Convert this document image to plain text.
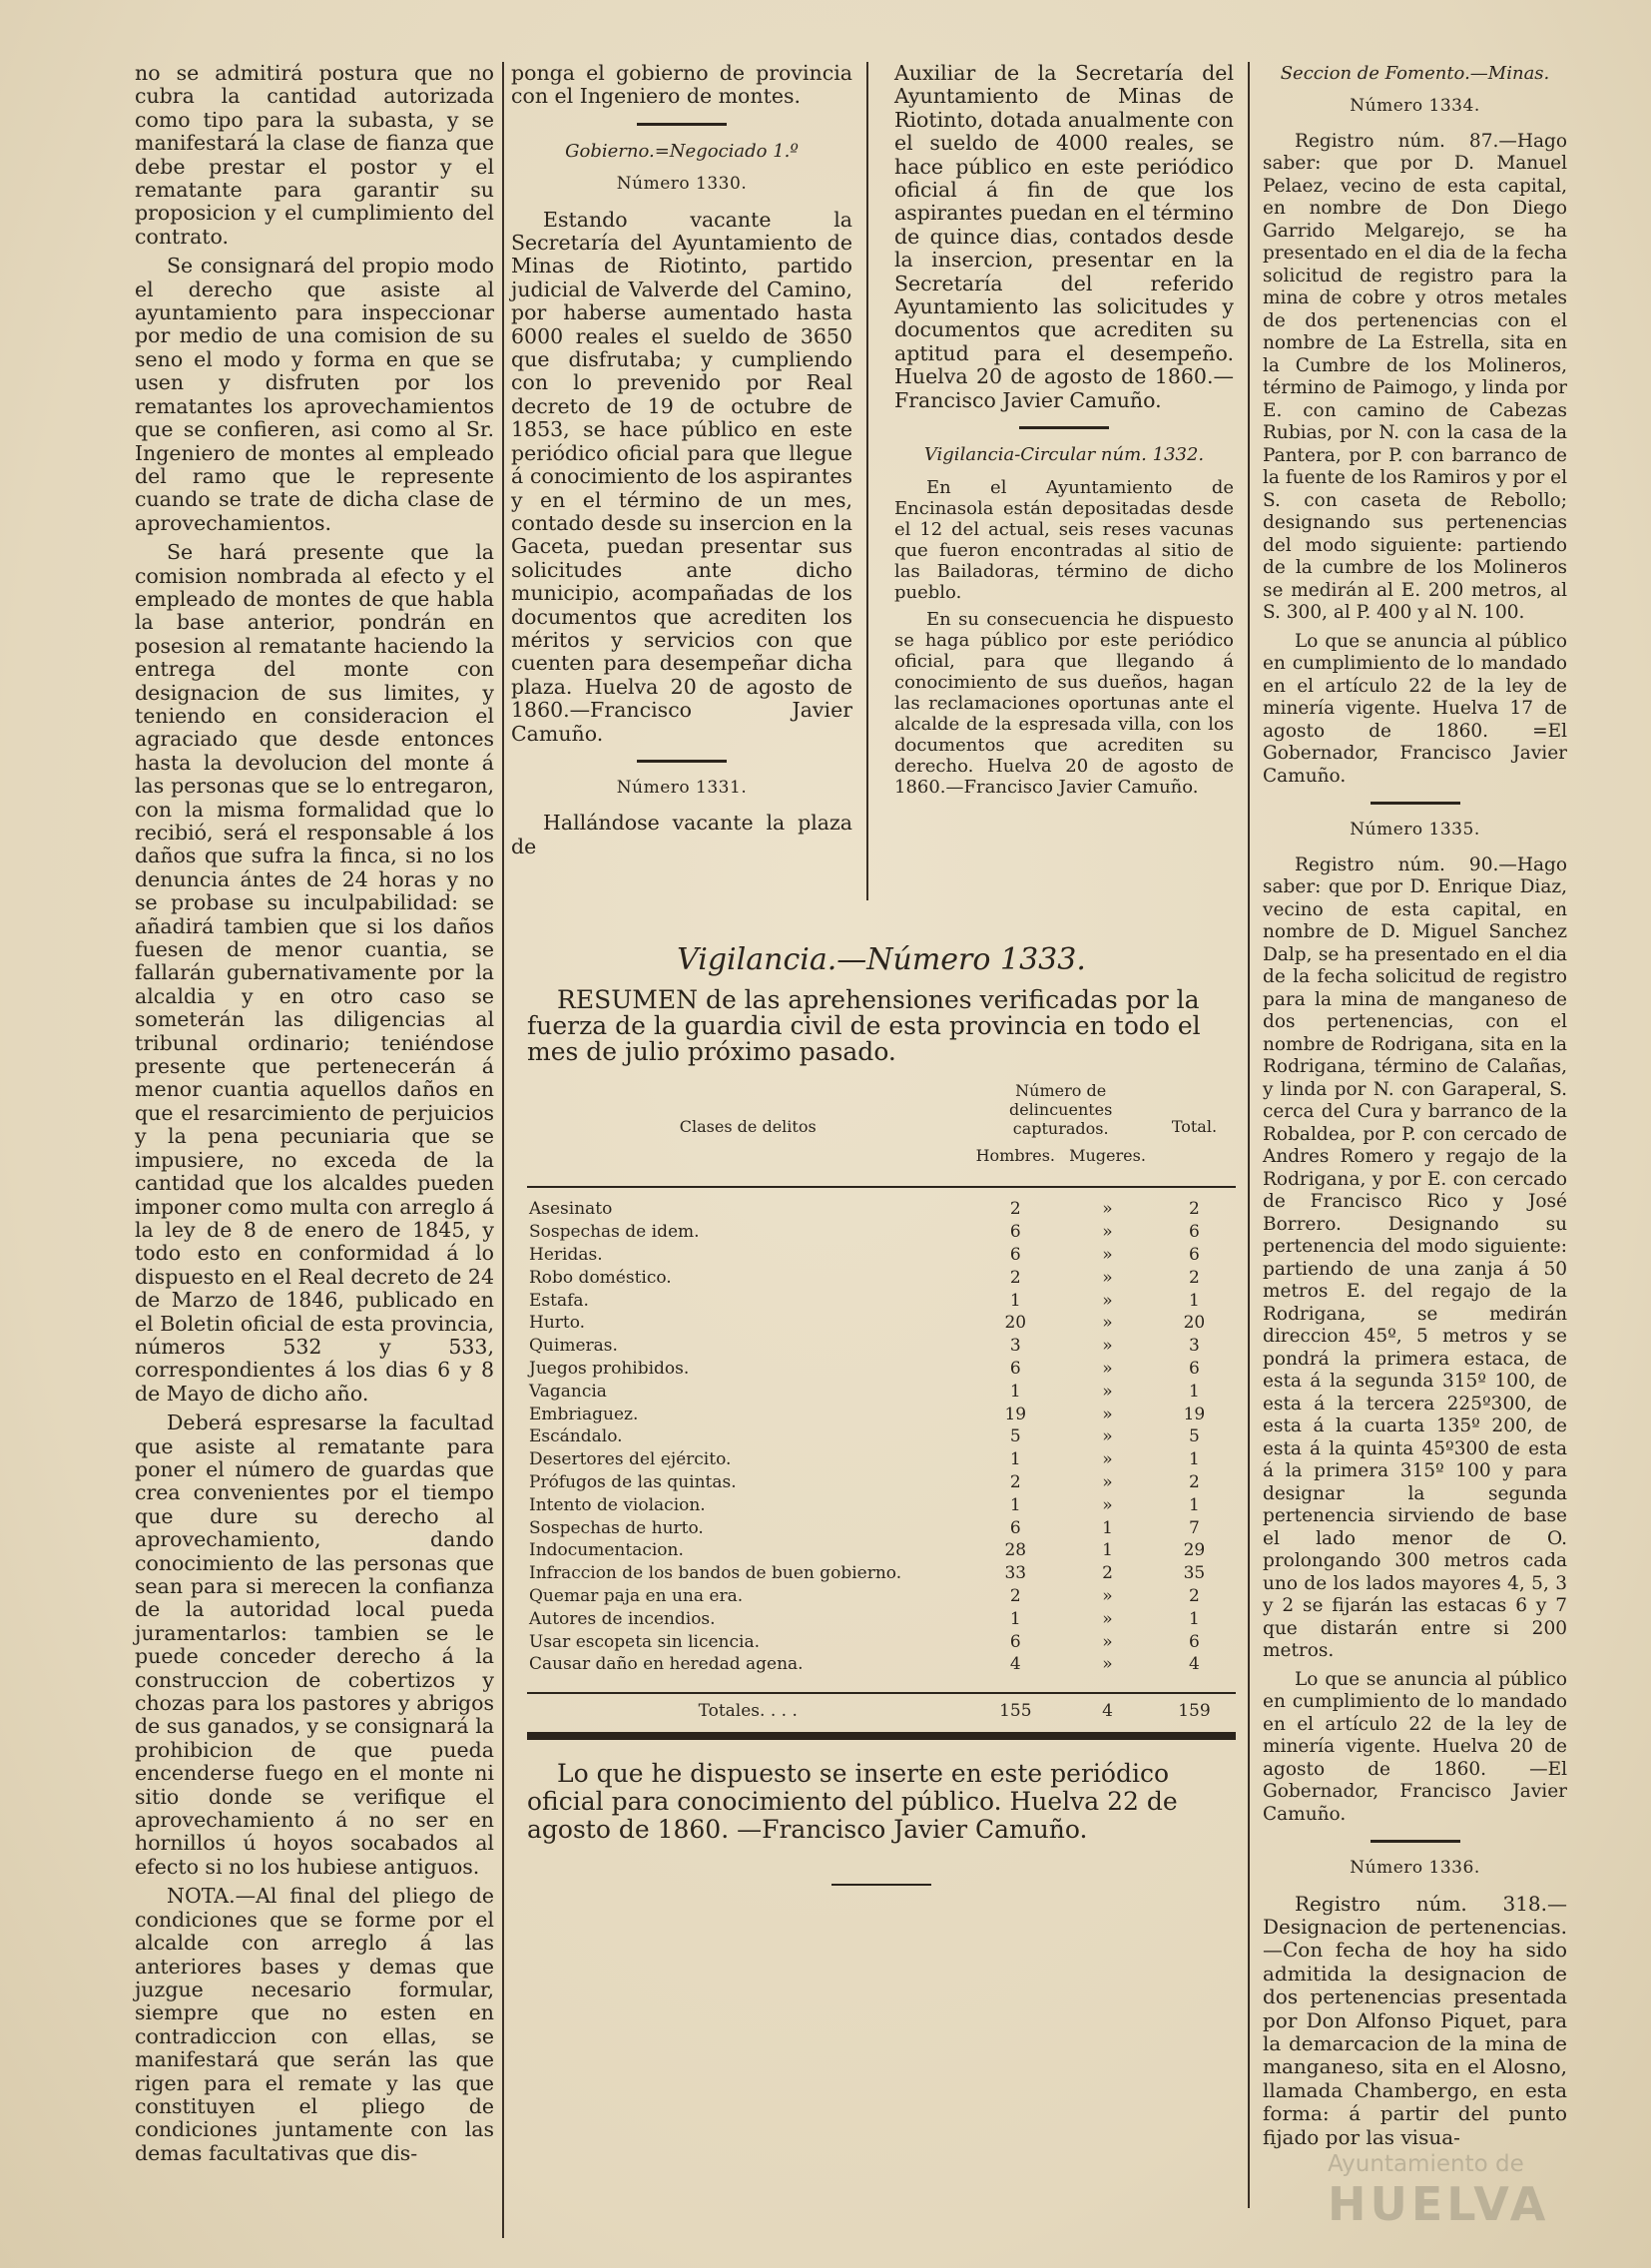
no se admitirá postura que no cubra la cantidad autorizada como tipo para la subasta, y se manifestará la clase de fianza que debe prestar el postor y el rematante para garantir su proposicion y el cumplimiento del contrato.

Se consignará del propio modo el derecho que asiste al ayuntamiento para inspeccionar por medio de una comision de su seno el modo y forma en que se usen y disfruten por los rematantes los aprovechamientos que se confieren, asi como al Sr. Ingeniero de montes al empleado del ramo que le represente cuando se trate de dicha clase de aprovechamientos.

Se hará presente que la comision nombrada al efecto y el empleado de montes de que habla la base anterior, pondrán en posesion al rematante haciendo la entrega del monte con designacion de sus limites, y teniendo en consideracion el agraciado que desde entonces hasta la devolucion del monte á las personas que se lo entregaron, con la misma formalidad que lo recibió, será el responsable á los daños que sufra la finca, si no los denuncia ántes de 24 horas y no se probase su inculpabilidad: se añadirá tambien que si los daños fuesen de menor cuantia, se fallarán gubernativamente por la alcaldia y en otro caso se someterán las diligencias al tribunal ordinario; teniéndose presente que pertenecerán á menor cuantia aquellos daños en que el resarcimiento de perjuicios y la pena pecuniaria que se impusiere, no exceda de la cantidad que los alcaldes pueden imponer como multa con arreglo á la ley de 8 de enero de 1845, y todo esto en conformidad á lo dispuesto en el Real decreto de 24 de Marzo de 1846, publicado en el Boletin oficial de esta provincia, números 532 y 533, correspondientes á los dias 6 y 8 de Mayo de dicho año.

Deberá espresarse la facultad que asiste al rematante para poner el número de guardas que crea convenientes por el tiempo que dure su derecho al aprovechamiento, dando conocimiento de las personas que sean para si merecen la confianza de la autoridad local pueda juramentarlos: tambien se le puede conceder derecho á la construccion de cobertizos y chozas para los pastores y abrigos de sus ganados, y se consignará la prohibicion de que pueda encenderse fuego en el monte ni sitio donde se verifique el aprovechamiento á no ser en hornillos ú hoyos socabados al efecto si no los hubiese antiguos.

NOTA.—Al final del pliego de condiciones que se forme por el alcalde con arreglo á las anteriores bases y demas que juzgue necesario formular, siempre que no esten en contradiccion con ellas, se manifestará que serán las que rigen para el remate y las que constituyen el pliego de condiciones juntamente con las demas facultativas que dis-

ponga el gobierno de provincia con el Ingeniero de montes.

Gobierno.=Negociado 1.º
Número 1330.

Estando vacante la Secretaría del Ayuntamiento de Minas de Riotinto, partido judicial de Valverde del Camino, por haberse aumentado hasta 6000 reales el sueldo de 3650 que disfrutaba; y cumpliendo con lo prevenido por Real decreto de 19 de octubre de 1853, se hace público en este periódico oficial para que llegue á conocimiento de los aspirantes y en el término de un mes, contado desde su insercion en la Gaceta, puedan presentar sus solicitudes ante dicho municipio, acompañadas de los documentos que acrediten los méritos y servicios con que cuenten para desempeñar dicha plaza. Huelva 20 de agosto de 1860.—Francisco Javier Camuño.

Número 1331.

Hallándose vacante la plaza de

Auxiliar de la Secretaría del Ayuntamiento de Minas de Riotinto, dotada anualmente con el sueldo de 4000 reales, se hace público en este periódico oficial á fin de que los aspirantes puedan en el término de quince dias, contados desde la insercion, presentar en la Secretaría del referido Ayuntamiento las solicitudes y documentos que acrediten su aptitud para el desempeño. Huelva 20 de agosto de 1860.—Francisco Javier Camuño.

Vigilancia-Circular núm. 1332.

En el Ayuntamiento de Encinasola están depositadas desde el 12 del actual, seis reses vacunas que fueron encontradas al sitio de las Bailadoras, término de dicho pueblo.

En su consecuencia he dispuesto se haga público por este periódico oficial, para que llegando á conocimiento de sus dueños, hagan las reclamaciones oportunas ante el alcalde de la espresada villa, con los documentos que acrediten su derecho. Huelva 20 de agosto de 1860.—Francisco Javier Camuño.

Seccion de Fomento.—Minas.
Número 1334.

Registro núm. 87.—Hago saber: que por D. Manuel Pelaez, vecino de esta capital, en nombre de Don Diego Garrido Melgarejo, se ha presentado en el dia de la fecha solicitud de registro para la mina de cobre y otros metales de dos pertenencias con el nombre de La Estrella, sita en la Cumbre de los Molineros, término de Paimogo, y linda por E. con camino de Cabezas Rubias, por N. con la casa de la Pantera, por P. con barranco de la fuente de los Ramiros y por el S. con caseta de Rebollo; designando sus pertenencias del modo siguiente: partiendo de la cumbre de los Molineros se medirán al E. 200 metros, al S. 300, al P. 400 y al N. 100.

Lo que se anuncia al público en cumplimiento de lo mandado en el artículo 22 de la ley de minería vigente. Huelva 17 de agosto de 1860. =El Gobernador, Francisco Javier Camuño.

Número 1335.

Registro núm. 90.—Hago saber: que por D. Enrique Diaz, vecino de esta capital, en nombre de D. Miguel Sanchez Dalp, se ha presentado en el dia de la fecha solicitud de registro para la mina de manganeso de dos pertenencias, con el nombre de Rodrigana, sita en la Rodrigana, término de Calañas, y linda por N. con Garaperal, S. cerca del Cura y barranco de la Robaldea, por P. con cercado de Andres Romero y regajo de la Rodrigana, y por E. con cercado de Francisco Rico y José Borrero. Designando su pertenencia del modo siguiente: partiendo de una zanja á 50 metros E. del regajo de la Rodrigana, se medirán direccion 45º, 5 metros y se pondrá la primera estaca, de esta á la segunda 315º 100, de esta á la tercera 225º300, de esta á la cuarta 135º 200, de esta á la quinta 45º300 de esta á la primera 315º 100 y para designar la segunda pertenencia sirviendo de base el lado menor de O. prolongando 300 metros cada uno de los lados mayores 4, 5, 3 y 2 se fijarán las estacas 6 y 7 que distarán entre si 200 metros.

Lo que se anuncia al público en cumplimiento de lo mandado en el artículo 22 de la ley de minería vigente. Huelva 20 de agosto de 1860. —El Gobernador, Francisco Javier Camuño.

Número 1336.

Registro núm. 318.—Designacion de pertenencias.—Con fecha de hoy ha sido admitida la designacion de dos pertenencias presentada por Don Alfonso Piquet, para la demarcacion de la mina de manganeso, sita en el Alosno, llamada Chambergo, en esta forma: á partir del punto fijado por las visua-

Vigilancia.—Número 1333.

RESUMEN de las aprehensiones verificadas por la fuerza de la guardia civil de esta provincia en todo el mes de julio próximo pasado.

Clases de delitos	Número de delincuentes capturados.		Total.
	Hombres.	Mugeres.	

Asesinato	2	»	2
Sospechas de idem.	6	»	6
Heridas.	6	»	6
Robo doméstico.	2	»	2
Estafa.	1	»	1
Hurto.	20	»	20
Quimeras.	3	»	3
Juegos prohibidos.	6	»	6
Vagancia	1	»	1
Embriaguez.	19	»	19
Escándalo.	5	»	5
Desertores del ejército.	1	»	1
Prófugos de las quintas.	2	»	2
Intento de violacion.	1	»	1
Sospechas de hurto.	6	1	7
Indocumentacion.	28	1	29
Infraccion de los bandos de buen gobierno.	33	2	35
Quemar paja en una era.	2	»	2
Autores de incendios.	1	»	1
Usar escopeta sin licencia.	6	»	6
Causar daño en heredad agena.	4	»	4

Totales. . . .	155	4	159

Lo que he dispuesto se inserte en este periódico oficial para conocimiento del público. Huelva 22 de agosto de 1860. —Francisco Javier Camuño.

Ayuntamiento de
HUELVA
